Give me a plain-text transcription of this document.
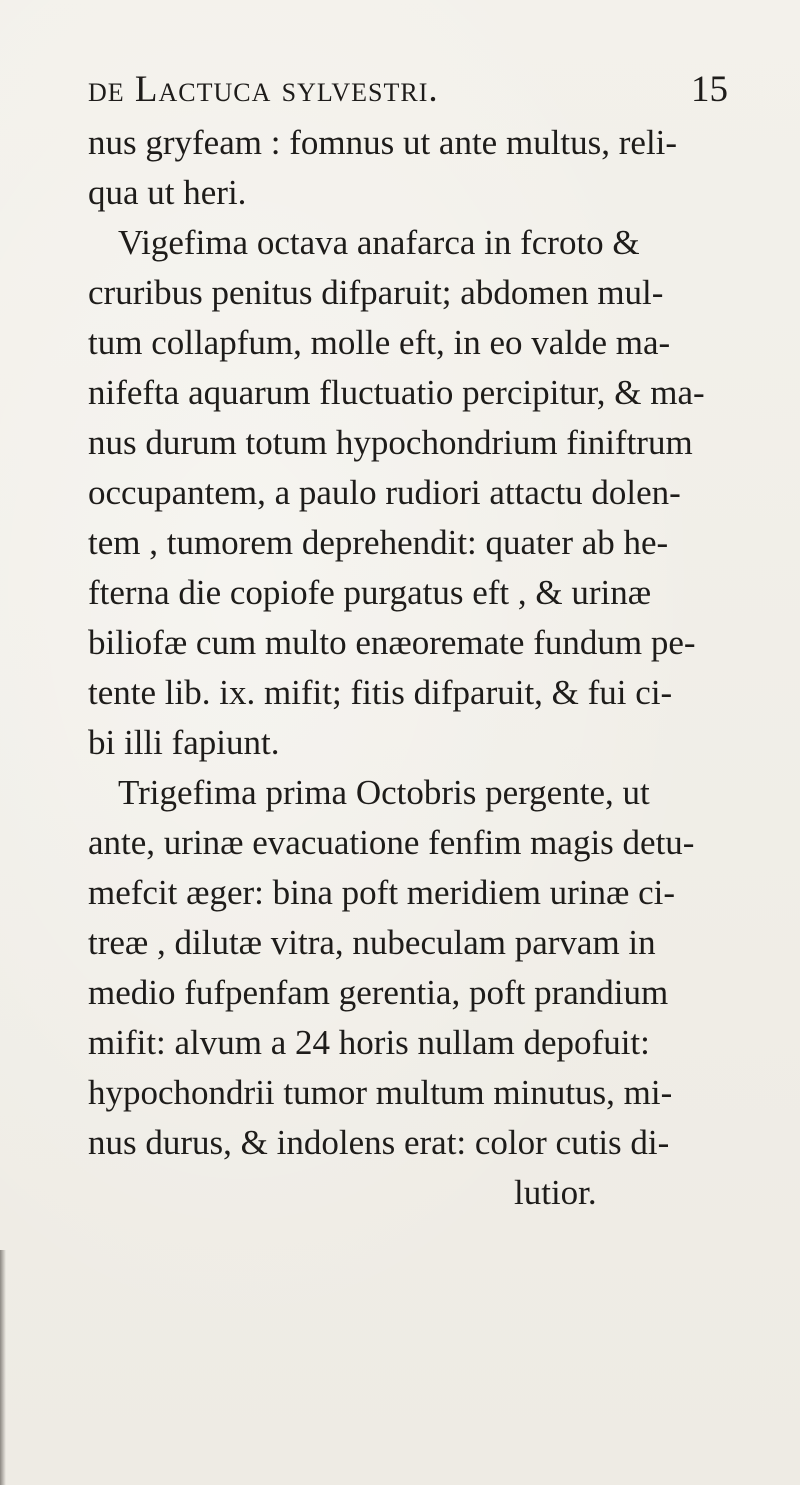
de Lactuca sylvestri.	15
nus gryfeam : fomnus ut ante multus, reli-
qua ut heri.
Vigefima octava anafarca in fcroto &
cruribus penitus difparuit; abdomen mul-
tum collapfum, molle eft, in eo valde ma-
nifefta aquarum fluctuatio percipitur, & ma-
nus durum totum hypochondrium finiftrum
occupantem, a paulo rudiori attactu dolen-
tem , tumorem deprehendit: quater ab he-
fterna die copiofe purgatus eft , & urinæ
biliofæ cum multo enæoremate fundum pe-
tente lib. ix. mifit; fitis difparuit, & fui ci-
bi illi fapiunt.
Trigefima prima Octobris pergente, ut
ante, urinæ evacuatione fenfim magis detu-
mefcit æger: bina poft meridiem urinæ ci-
treæ , dilutæ vitra, nubeculam parvam in
medio fufpenfam gerentia, poft prandium
mifit: alvum a 24 horis nullam depofuit:
hypochondrii tumor multum minutus, mi-
nus durus, & indolens erat: color cutis di-
lutior.
